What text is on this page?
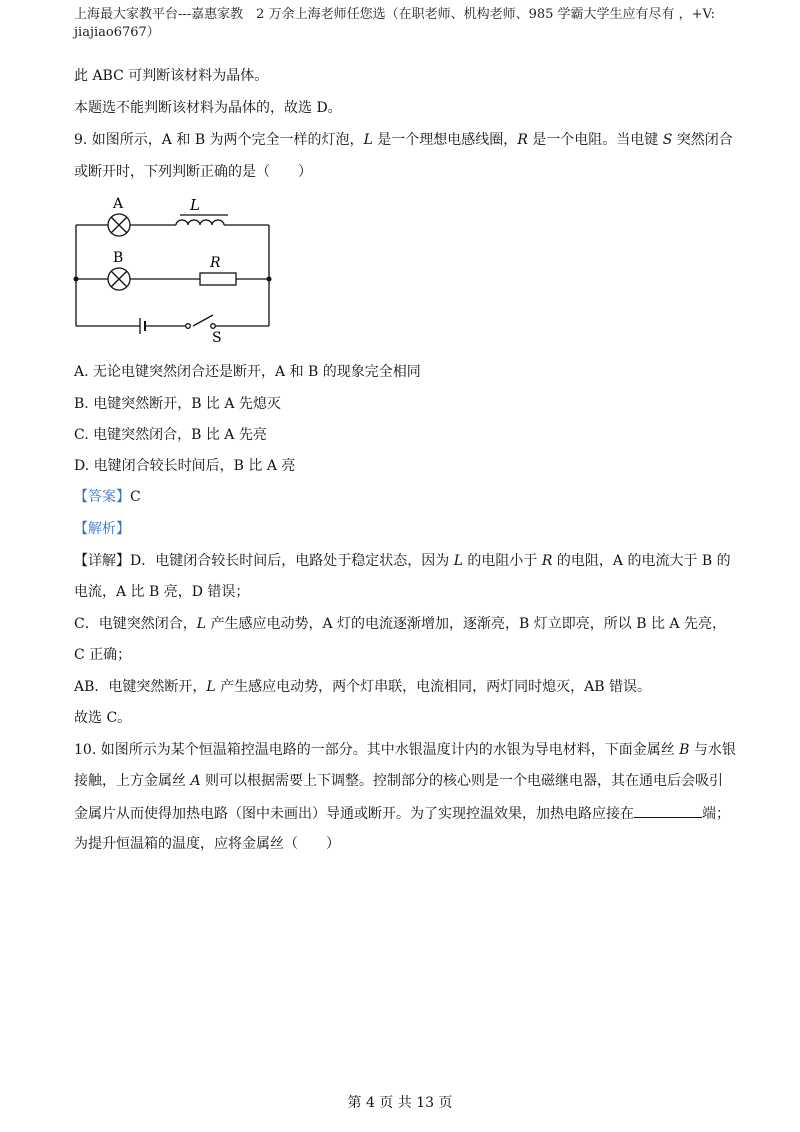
上海最大家教平台---嘉惠家教　2 万余上海老师任您选（在职老师、机构老师、985 学霸大学生应有尽有 ，+V:
jiajiao6767）
此 ABC 可判断该材料为晶体。
本题选不能判断该材料为晶体的，故选 D。
9. 如图所示，A 和 B 为两个完全一样的灯泡，L 是一个理想电感线圈，R 是一个电阻。当电键 S 突然闭合
或断开时，下列判断正确的是（　　）
A
B
L
R
S
A. 无论电键突然闭合还是断开，A 和 B 的现象完全相同
B. 电键突然断开，B 比 A 先熄灭
C. 电键突然闭合，B 比 A 先亮
D. 电键闭合较长时间后，B 比 A 亮
【答案】C
【解析】
【详解】D．电键闭合较长时间后，电路处于稳定状态，因为 L 的电阻小于 R 的电阻，A 的电流大于 B 的
电流，A 比 B 亮，D 错误；
C．电键突然闭合，L 产生感应电动势，A 灯的电流逐渐增加，逐渐亮，B 灯立即亮，所以 B 比 A 先亮，
C 正确；
AB．电键突然断开，L 产生感应电动势，两个灯串联，电流相同，两灯同时熄灭，AB 错误。
故选 C。
10. 如图所示为某个恒温箱控温电路的一部分。其中水银温度计内的水银为导电材料，下面金属丝 B 与水银
接触，上方金属丝 A 则可以根据需要上下调整。控制部分的核心则是一个电磁继电器，其在通电后会吸引
金属片从而使得加热电路（图中未画出）导通或断开。为了实现控温效果，加热电路应接在	端；
为提升恒温箱的温度，应将金属丝（　　）
第 4 页 共 13 页
